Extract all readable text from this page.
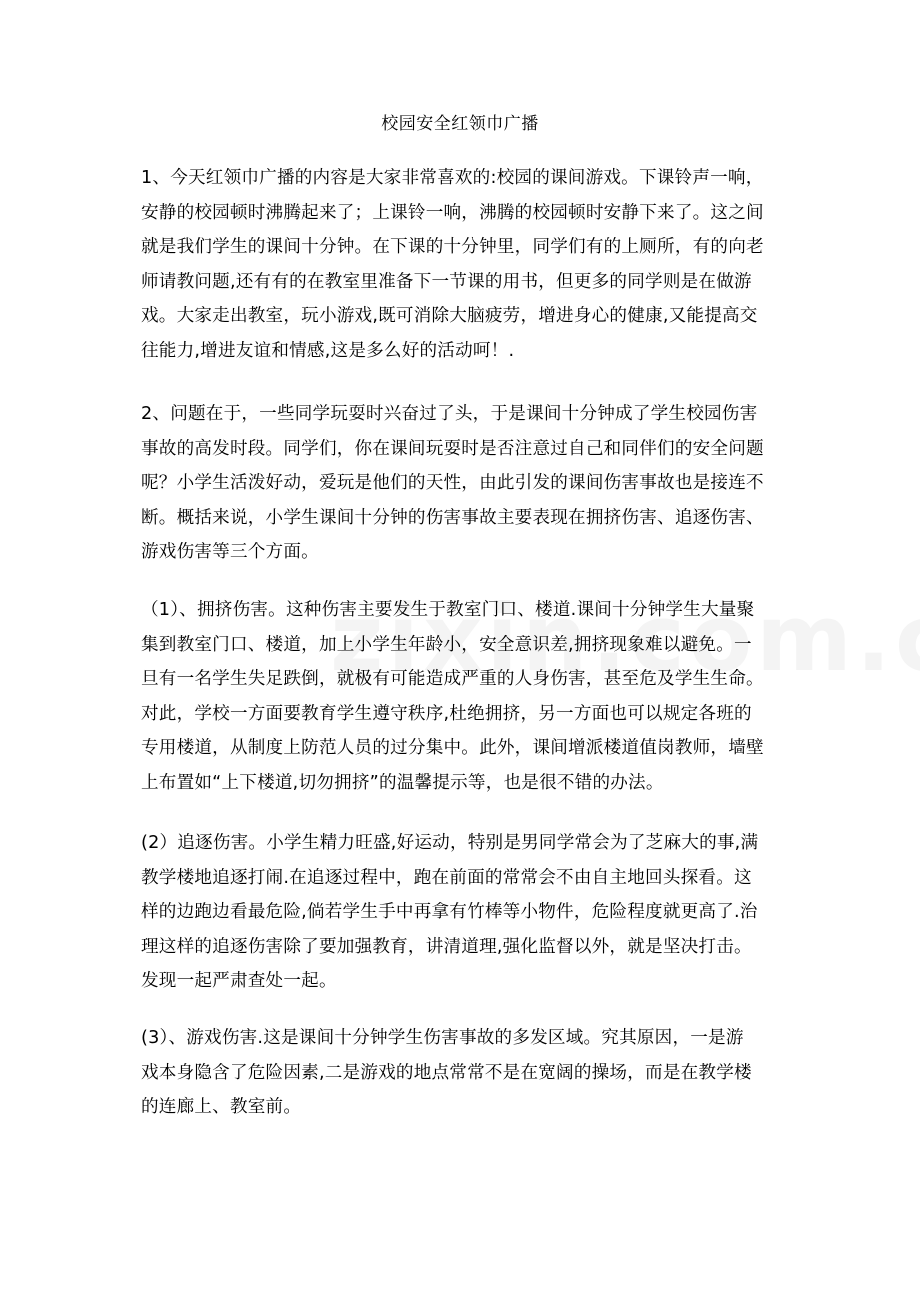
校园安全红领巾广播
1、今天红领巾广播的内容是大家非常喜欢的:校园的课间游戏。下课铃声一响，
安静的校园顿时沸腾起来了；上课铃一响，沸腾的校园顿时安静下来了。这之间
就是我们学生的课间十分钟。在下课的十分钟里，同学们有的上厕所，有的向老
师请教问题,还有有的在教室里准备下一节课的用书，但更多的同学则是在做游
戏。大家走出教室，玩小游戏,既可消除大脑疲劳，增进身心的健康,又能提高交
往能力,增进友谊和情感,这是多么好的活动呵！.
2、问题在于，一些同学玩耍时兴奋过了头，于是课间十分钟成了学生校园伤害
事故的高发时段。同学们，你在课间玩耍时是否注意过自己和同伴们的安全问题
呢？小学生活泼好动，爱玩是他们的天性，由此引发的课间伤害事故也是接连不
断。概括来说，小学生课间十分钟的伤害事故主要表现在拥挤伤害、追逐伤害、
游戏伤害等三个方面。
（1）、拥挤伤害。这种伤害主要发生于教室门口、楼道.课间十分钟学生大量聚
集到教室门口、楼道，加上小学生年龄小，安全意识差,拥挤现象难以避免。一
旦有一名学生失足跌倒，就极有可能造成严重的人身伤害，甚至危及学生生命。
对此，学校一方面要教育学生遵守秩序,杜绝拥挤，另一方面也可以规定各班的
专用楼道，从制度上防范人员的过分集中。此外，课间增派楼道值岗教师，墙壁
上布置如“上下楼道,切勿拥挤”的温馨提示等，也是很不错的办法。
(2）追逐伤害。小学生精力旺盛,好运动，特别是男同学常会为了芝麻大的事,满
教学楼地追逐打闹.在追逐过程中，跑在前面的常常会不由自主地回头探看。这
样的边跑边看最危险,倘若学生手中再拿有竹棒等小物件，危险程度就更高了.治
理这样的追逐伤害除了要加强教育，讲清道理,强化监督以外，就是坚决打击。
发现一起严肃查处一起。
(3）、游戏伤害.这是课间十分钟学生伤害事故的多发区域。究其原因，一是游
戏本身隐含了危险因素,二是游戏的地点常常不是在宽阔的操场，而是在教学楼
的连廊上、教室前。
